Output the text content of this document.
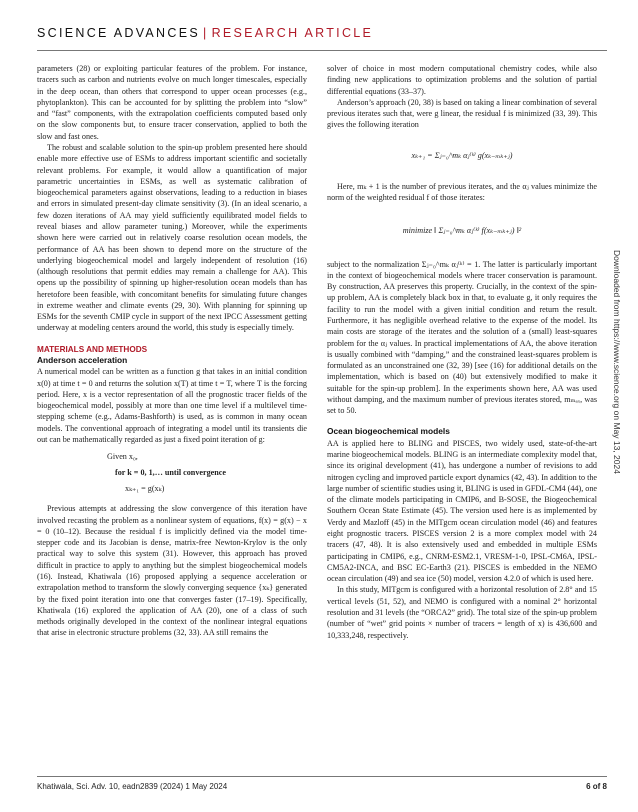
SCIENCE ADVANCES | RESEARCH ARTICLE

parameters (28) or exploiting particular features of the problem. For instance, tracers such as carbon and nutrients evolve on much longer timescales, especially in the deep ocean, than others that correspond to upper ocean processes (e.g., phytoplankton). This can be accounted for by splitting the problem into “slow” and “fast” components, with the extrapolation coefficients computed based only on the slow components but, to ensure tracer conservation, applied to both the slow and fast ones.

The robust and scalable solution to the spin-up problem presented here should enable more effective use of ESMs to address important scientific and societally relevant problems. For example, it would allow a quantification of major parametric uncertainties in ESMs, as well as systematic calibration of biogeochemical parameters against observations, leading to a reduction in biases and errors in simulated present-day climate sensitivity (3). (In an ideal scenario, a few dozen iterations of AA may yield sufficiently equilibrated model fields to reveal biases and allow parameter tuning.) Moreover, while the experiments shown here were carried out in relatively coarse resolution ocean models, the performance of AA has been shown to depend more on the structure of the underlying biogeochemical model and largely independent of resolution (16) (although resolutions that permit eddies may remain a challenge for AA). This opens up the possibility of spinning up higher-resolution ocean models than has heretofore been feasible, with concomitant benefits for simulating future changes in extreme weather and climate events (29, 30). With planning for spinning up ESMs for the seventh CMIP cycle in support of the next IPCC Assessment getting underway at modeling centers around the world, this study is especially timely.

MATERIALS AND METHODS
Anderson acceleration

A numerical model can be written as a function g that takes in an initial condition x(0) at time t = 0 and returns the solution x(T) at time t = T, where T is the forcing period. Here, x is a vector representation of all the prognostic tracer fields of the biogeochemical model, possibly at more than one time level if a multilevel time-stepping scheme (e.g., Adams-Bashforth) is used, as is common in many ocean models. The conventional approach of integrating a model until its transients die out can be mathematically regarded as just a fixed point iteration of g:

Given x₀,
for k = 0, 1,… until convergence
xₖ₊₁ = g(xₖ)

Previous attempts at addressing the slow convergence of this iteration have involved recasting the problem as a nonlinear system of equations, f(x) = g(x) − x = 0 (10–12). Because the residual f is implicitly defined via the model time-stepper code and its Jacobian is dense, matrix-free Newton-Krylov is the only practical way to solve this system (31). However, this approach has proved difficult in practice to apply to anything but the simplest biogeochemical models (16). Instead, Khatiwala (16) proposed applying a sequence acceleration or extrapolation method to transform the slowly converging sequence {xₖ} generated by the fixed point iteration into one that converges faster (17–19). Specifically, Khatiwala (16) explored the application of AA (20), one of a class of such methods originally developed in the context of the nonlinear integral equations that arise in electronic structure problems (32, 33). AA still remains the

solver of choice in most modern computational chemistry codes, while also finding new applications to optimization problems and the solution of partial differential equations (33–37).

Anderson’s approach (20, 38) is based on taking a linear combination of several previous iterates such that, were g linear, the residual f is minimized (33, 39). This gives the following iteration

xₖ₊₁ = Σⱼ₌₀^mₖ αⱼ⁽ᵏ⁾ g(xₖ₋ₘₖ₊ⱼ)

Here, mₖ + 1 is the number of previous iterates, and the αⱼ values minimize the norm of the weighted residual f of those iterates:

minimize ‖ Σⱼ₌₀^mₖ αⱼ⁽ᵏ⁾ f(xₖ₋ₘₖ₊ⱼ) ‖²

subject to the normalization Σⱼ₌₀^mₖ αⱼ⁽ᵏ⁾ = 1. The latter is particularly important in the context of biogeochemical models where tracer conservation is paramount. By construction, AA preserves this property. Crucially, in the context of the spin-up problem, AA is completely black box in that, to evaluate g, it only requires the facility to run the model with a given initial condition and return the result. Furthermore, it has negligible overhead relative to the expense of the model. Its main costs are storage of the iterates and the solution of a (small) least-squares problem for the αⱼ values. In practical implementations of AA, the above iteration is usually combined with “damping,” and the constrained least-squares problem is formulated as an unconstrained one (32, 39) [see (16) for additional details on the implementation, which is based on (40) but extensively modified to make it suitable for the spin-up problem]. In the experiments shown here, AA was used without damping, and the maximum number of previous iterates stored, mₘₐₓ, was set to 50.

Ocean biogeochemical models

AA is applied here to BLING and PISCES, two widely used, state-of-the-art marine biogeochemical models. BLING is an intermediate complexity model that, since its original development (41), has undergone a number of revisions to add nitrogen cycling and improved particle export dynamics (42, 43). In addition to the large number of scientific studies using it, BLING is used in GFDL-CM4 (44), one of the climate models participating in CMIP6, and B-SOSE, the Biogeochemical Southern Ocean State Estimate (45). The version used here is as implemented by Verdy and Mazloff (45) in the MITgcm ocean circulation model (46) and features eight prognostic tracers. PISCES version 2 is a more complex model with 24 tracers (47, 48). It is also extensively used and embedded in multiple ESMs participating in CMIP6, e.g., CNRM-ESM2.1, VRESM-1-0, IPSL-CM6A, IPSL-CM5A2-INCA, and BSC EC-Earth3 (21). PISCES is embedded in the NEMO ocean circulation (49) and sea ice (50) model, version 4.2.0 of which is used here.

In this study, MITgcm is configured with a horizontal resolution of 2.8° and 15 vertical levels (51, 52), and NEMO is configured with a nominal 2° horizontal resolution and 31 levels (the “ORCA2” grid). The total size of the spin-up problem (number of “wet” grid points × number of tracers = length of x) is 436,600 and 10,333,248, respectively.

Downloaded from https://www.science.org on May 13, 2024
Khatiwala, Sci. Adv. 10, eadn2839 (2024) 1 May 2024	6 of 8
